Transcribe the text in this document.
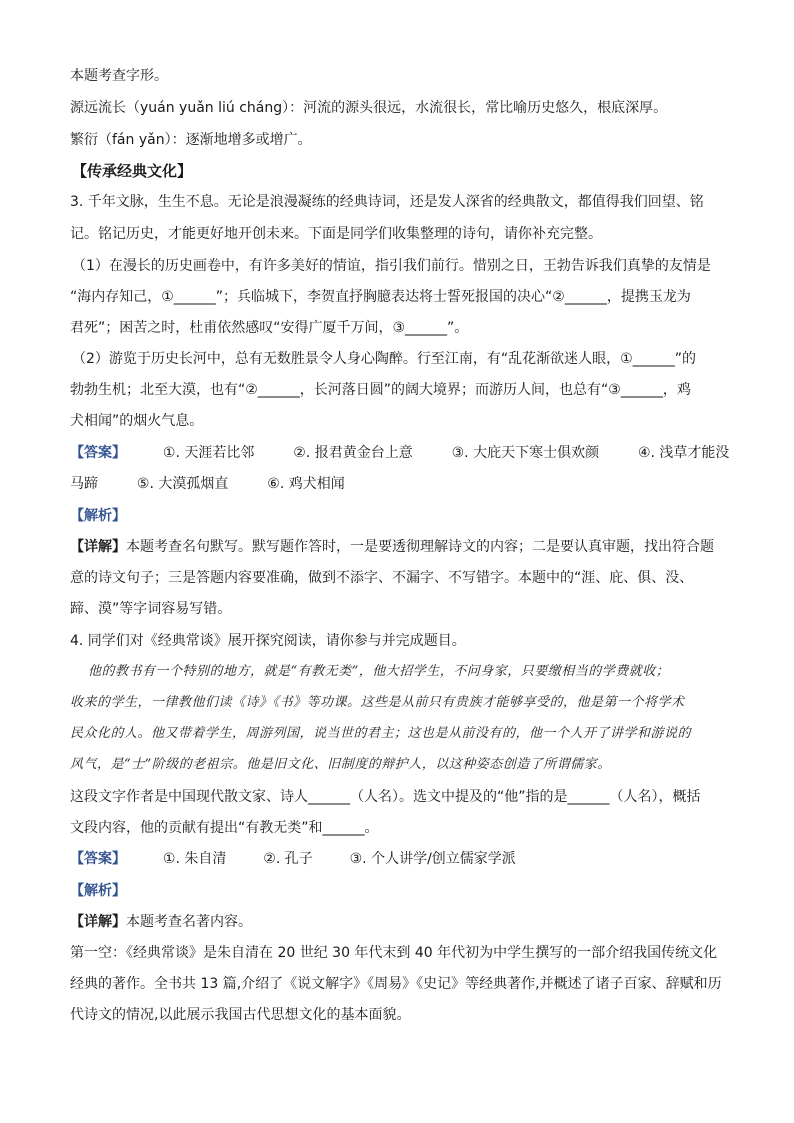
本题考查字形。
源远流长（yuán yuǎn liú cháng）：河流的源头很远，水流很长，常比喻历史悠久，根底深厚。
繁衍（fán yǎn）：逐渐地增多或增广。
【传承经典文化】
3. 千年文脉，生生不息。无论是浪漫凝练的经典诗词，还是发人深省的经典散文，都值得我们回望、铭
记。铭记历史，才能更好地开创未来。下面是同学们收集整理的诗句，请你补充完整。
（1）在漫长的历史画卷中，有许多美好的情谊，指引我们前行。惜别之日，王勃告诉我们真挚的友情是
“海内存知己，①______”；兵临城下，李贺直抒胸臆表达将士誓死报国的决心“②______，提携玉龙为
君死”；困苦之时，杜甫依然感叹“安得广厦千万间，③______”。
（2）游览于历史长河中，总有无数胜景令人身心陶醉。行至江南，有“乱花渐欲迷人眼，①______”的
勃勃生机；北至大漠，也有“②______，长河落日圆”的阔大境界；而游历人间，也总有“③______，鸡
犬相闻”的烟火气息。
【答案】	①. 天涯若比邻	②. 报君黄金台上意	③. 大庇天下寒士俱欢颜	④. 浅草才能没
马蹄	⑤. 大漠孤烟直	⑥. 鸡犬相闻
【解析】
【详解】本题考查名句默写。默写题作答时，一是要透彻理解诗文的内容；二是要认真审题，找出符合题
意的诗文句子；三是答题内容要准确，做到不添字、不漏字、不写错字。本题中的“涯、庇、俱、没、
蹄、漠”等字词容易写错。
4. 同学们对《经典常谈》展开探究阅读，请你参与并完成题目。
他的教书有一个特别的地方，就是“有教无类”，他大招学生，不问身家，只要缴相当的学费就收；
收来的学生，一律教他们读《诗》《书》等功课。这些是从前只有贵族才能够享受的，他是第一个将学术
民众化的人。他又带着学生，周游列国，说当世的君主；这也是从前没有的，他一个人开了讲学和游说的
风气，是“士”阶级的老祖宗。他是旧文化、旧制度的辩护人，以这种姿态创造了所谓儒家。
这段文字作者是中国现代散文家、诗人______（人名）。选文中提及的“他”指的是______（人名），概括
文段内容，他的贡献有提出“有教无类”和______。
【答案】	①. 朱自清	②. 孔子	③. 个人讲学/创立儒家学派
【解析】
【详解】本题考查名著内容。
第一空：《经典常谈》是朱自清在 20 世纪 30 年代末到 40 年代初为中学生撰写的一部介绍我国传统文化
经典的著作。全书共 13 篇,介绍了《说文解字》《周易》《史记》等经典著作,并概述了诸子百家、辞赋和历
代诗文的情况,以此展示我国古代思想文化的基本面貌。
